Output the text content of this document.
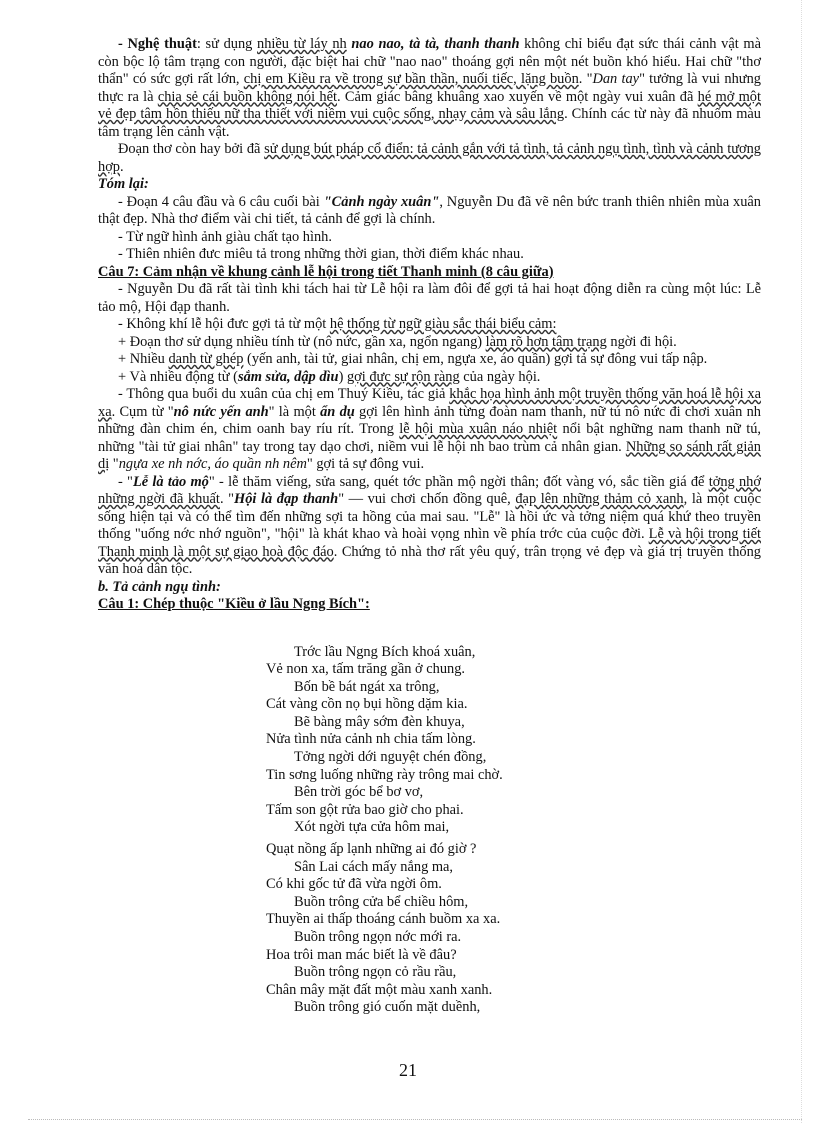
- Nghệ thuật: sử dụng nhiều từ láy nh nao nao, tà tà, thanh thanh không chỉ biểu đạt sức thái cảnh vật mà còn bộc lộ tâm trạng con người, đặc biệt hai chữ "nao nao" thoáng gợi nên một nét buồn khó hiểu. Hai chữ "thơ thẩn" có sức gợi rất lớn, chị em Kiều ra về trong sự bần thần, nuối tiếc, lặng buồn. "Dan tay" tưởng là vui nhưng thực ra là chia sẻ cái buồn không nói hết. Cảm giác bâng khuâng xao xuyến về một ngày vui xuân đã hé mở một vẻ đẹp tâm hồn thiếu nữ tha thiết với niềm vui cuộc sống, nhạy cảm và sâu lắng. Chính các từ này đã nhuốm màu tâm trạng lên cảnh vật.

Đoạn thơ còn hay bởi đã sử dụng bút pháp cổ điển: tả cảnh gắn với tả tình, tả cảnh ngụ tình, tình và cảnh tương hợp.

Tóm lại:

- Đoạn 4 câu đầu và 6 câu cuối bài "Cảnh ngày xuân", Nguyễn Du đã vẽ nên bức tranh thiên nhiên mùa xuân thật đẹp. Nhà thơ điểm vài chi tiết, tả cảnh để gợi là chính.

- Từ ngữ hình ảnh giàu chất tạo hình.

- Thiên nhiên đưc miêu tả trong những thời gian, thời điểm khác nhau.

Câu 7: Cảm nhận về khung cảnh lễ hội trong tiết Thanh minh (8 câu giữa)

- Nguyễn Du đã rất tài tình khi tách hai từ Lễ hội ra làm đôi để gợi tả hai hoạt động diễn ra cùng một lúc: Lễ tảo mộ, Hội đạp thanh.

- Không khí lễ hội đưc gợi tả từ một hệ thống từ ngữ giàu sắc thái biểu cảm:

+ Đoạn thơ sử dụng nhiều tính từ (nô nức, gần xa, ngổn ngang) làm rõ hơn tâm trạng ngời đi hội.

+ Nhiều danh từ ghép (yến anh, tài tử, giai nhân, chị em, ngựa xe, áo quần) gợi tả sự đông vui tấp nập.

+ Và nhiều động từ (sắm sửa, dập dìu) gợi đưc sự rộn ràng của ngày hội.

- Thông qua buổi du xuân của chị em Thuý Kiều, tác giả khắc họa hình ảnh một truyền thống văn hoá lễ hội xa xa. Cụm từ "nô nức yến anh" là một ẩn dụ gợi lên hình ảnh từng đoàn nam thanh, nữ tú nô nức đi chơi xuân nh những đàn chim én, chim oanh bay ríu rít. Trong lễ hội mùa xuân náo nhiệt nổi bật nghững nam thanh nữ tú, những "tài tử giai nhân" tay trong tay dạo chơi, niềm vui lễ hội nh bao trùm cả nhân gian. Những so sánh rất giản dị "ngựa xe nh nớc, áo quần nh nêm" gợi tả sự đông vui.

- "Lễ là tảo mộ" - lễ thăm viếng, sửa sang, quét tớc phần mộ ngời thân; đốt vàng vó, sắc tiền giá để tởng nhớ những ngời đã khuất. "Hội là đạp thanh" — vui chơi chốn đồng quê, đạp lên những thảm cỏ xanh, là một cuộc sống hiện tại và có thể tìm đến những sợi ta hồng của mai sau. "Lễ" là hồi ức và tởng niệm quá khứ theo truyền thống "uống nớc nhớ nguồn", "hội" là khát khao và hoài vọng nhìn về phía trớc của cuộc đời. Lễ và hội trong tiết Thanh minh là một sự giao hoà độc đáo. Chứng tỏ nhà thơ rất yêu quý, trân trọng vẻ đẹp và giá trị truyền thống văn hoá dân tộc.

b. Tả cảnh ngụ tình:

Câu 1: Chép thuộc "Kiều ở lầu Ngng Bích":

Trớc lầu Ngng Bích khoá xuân,
Vẻ non xa, tấm trăng gần ở chung.
Bốn bề bát ngát xa trông,
Cát vàng cồn nọ bụi hồng dặm kia.
Bẽ bàng mây sớm đèn khuya,
Nửa tình nửa cảnh nh chia tấm lòng.
Tởng ngời dới nguyệt chén đồng,
Tin sơng luống những rày trông mai chờ.
Bên trời góc bể bơ vơ,
Tấm son gột rửa bao giờ cho phai.
Xót ngời tựa cửa hôm mai,
Quạt nồng ấp lạnh những ai đó giờ ?
Sân Lai cách mấy nắng ma,
Có khi gốc tử đã vừa ngời ôm.
Buồn trông cửa bể chiều hôm,
Thuyền ai thấp thoáng cánh buồm xa xa.
Buồn trông ngọn nớc mới ra.
Hoa trôi man mác biết là về đâu?
Buồn trông ngọn cỏ rầu rầu,
Chân mây mặt đất một màu xanh xanh.
Buồn trông gió cuốn mặt duềnh,
21
